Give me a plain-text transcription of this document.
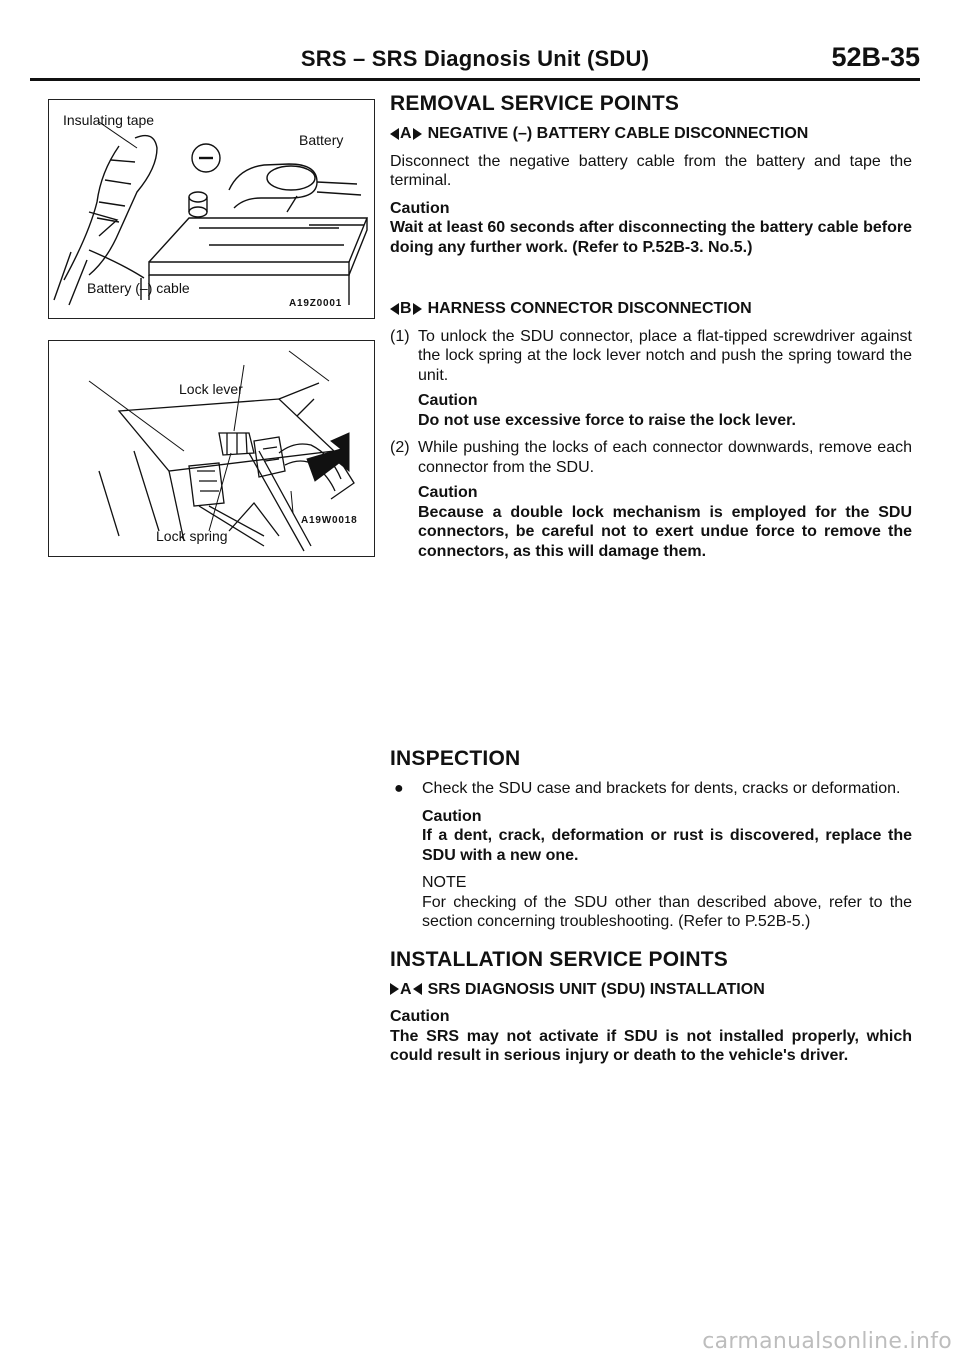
SRS – SRS Diagnosis Unit (SDU)	52B-35
Insulating tape
Battery
Battery (–) cable
A19Z0001
Lock lever
Lock spring
A19W0018
REMOVAL SERVICE POINTS
A NEGATIVE (–) BATTERY CABLE DISCONNECTION
Disconnect the negative battery cable from the battery and tape the terminal.
Caution
Wait at least 60 seconds after disconnecting the battery cable before doing any further work. (Refer to P.52B-3. No.5.)
B HARNESS CONNECTOR DISCONNECTION
(1) To unlock the SDU connector, place a flat-tipped screwdriver against the lock spring at the lock lever notch and push the spring toward the unit.
Caution
Do not use excessive force to raise the lock lever.
(2) While pushing the locks of each connector downwards, remove each connector from the SDU.
Caution
Because a double lock mechanism is employed for the SDU connectors, be careful not to exert undue force to remove the connectors, as this will damage them.
INSPECTION
●	Check the SDU case and brackets for dents, cracks or deformation.
Caution
If a dent, crack, deformation or rust is discovered, replace the SDU with a new one.
NOTE
For checking of the SDU other than described above, refer to the section concerning troubleshooting. (Refer to P.52B-5.)
INSTALLATION SERVICE POINTS
A SRS DIAGNOSIS UNIT (SDU) INSTALLATION
Caution
The SRS may not activate if SDU is not installed properly, which could result in serious injury or death to the vehicle's driver.
carmanualsonline.info
